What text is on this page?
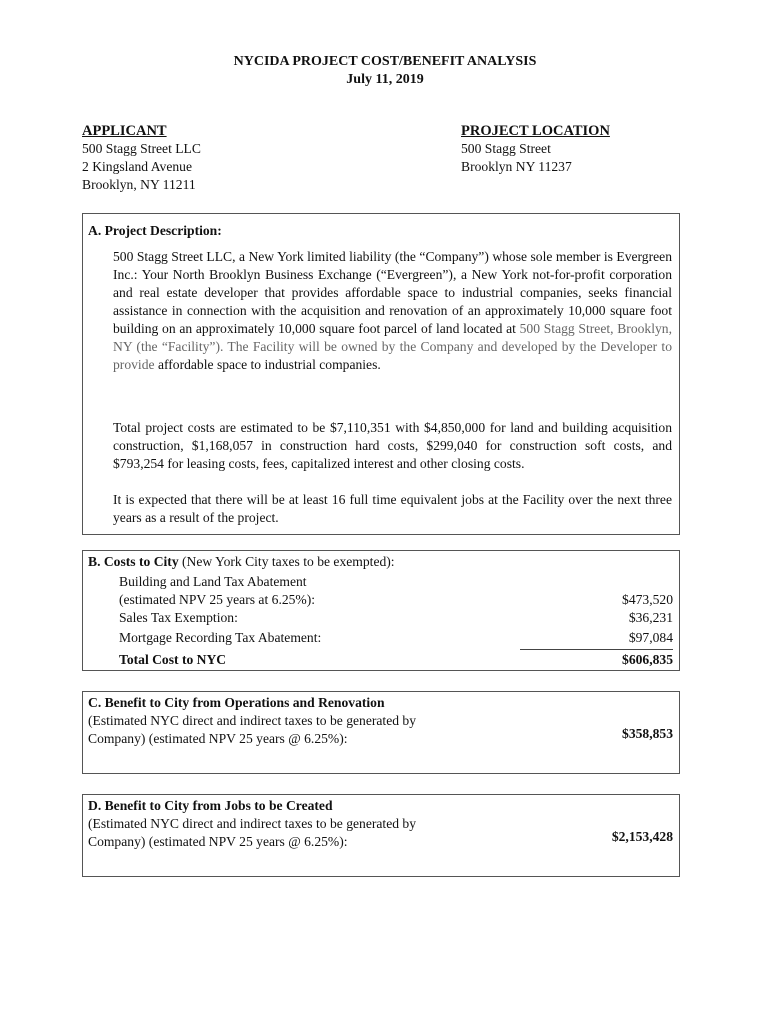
NYCIDA PROJECT COST/BENEFIT ANALYSIS
July 11, 2019
APPLICANT
500 Stagg Street LLC
2 Kingsland Avenue
Brooklyn, NY 11211
PROJECT LOCATION
500 Stagg Street
Brooklyn NY 11237
A. Project Description:
500 Stagg Street LLC, a New York limited liability (the “Company”) whose sole member is Evergreen Inc.: Your North Brooklyn Business Exchange (“Evergreen”), a New York not-for-profit corporation and real estate developer that provides affordable space to industrial companies, seeks financial assistance in connection with the acquisition and renovation of an approximately 10,000 square foot building on an approximately 10,000 square foot parcel of land located at 500 Stagg Street, Brooklyn, NY (the “Facility”). The Facility will be owned by the Company and developed by the Developer to provide affordable space to industrial companies.
Total project costs are estimated to be $7,110,351 with $4,850,000 for land and building acquisition construction, $1,168,057 in construction hard costs, $299,040 for construction soft costs, and $793,254 for leasing costs, fees, capitalized interest and other closing costs.
It is expected that there will be at least 16 full time equivalent jobs at the Facility over the next three years as a result of the project.
B. Costs to City (New York City taxes to be exempted):
Building and Land Tax Abatement
(estimated NPV 25 years at 6.25%):	$473,520
Sales Tax Exemption:	$36,231
Mortgage Recording Tax Abatement:	$97,084
Total Cost to NYC	$606,835
C. Benefit to City from Operations and Renovation
(Estimated NYC direct and indirect taxes to be generated by
Company) (estimated NPV 25 years @ 6.25%):	$358,853
D. Benefit to City from Jobs to be Created
(Estimated NYC direct and indirect taxes to be generated by
Company) (estimated NPV 25 years @ 6.25%):	$2,153,428
